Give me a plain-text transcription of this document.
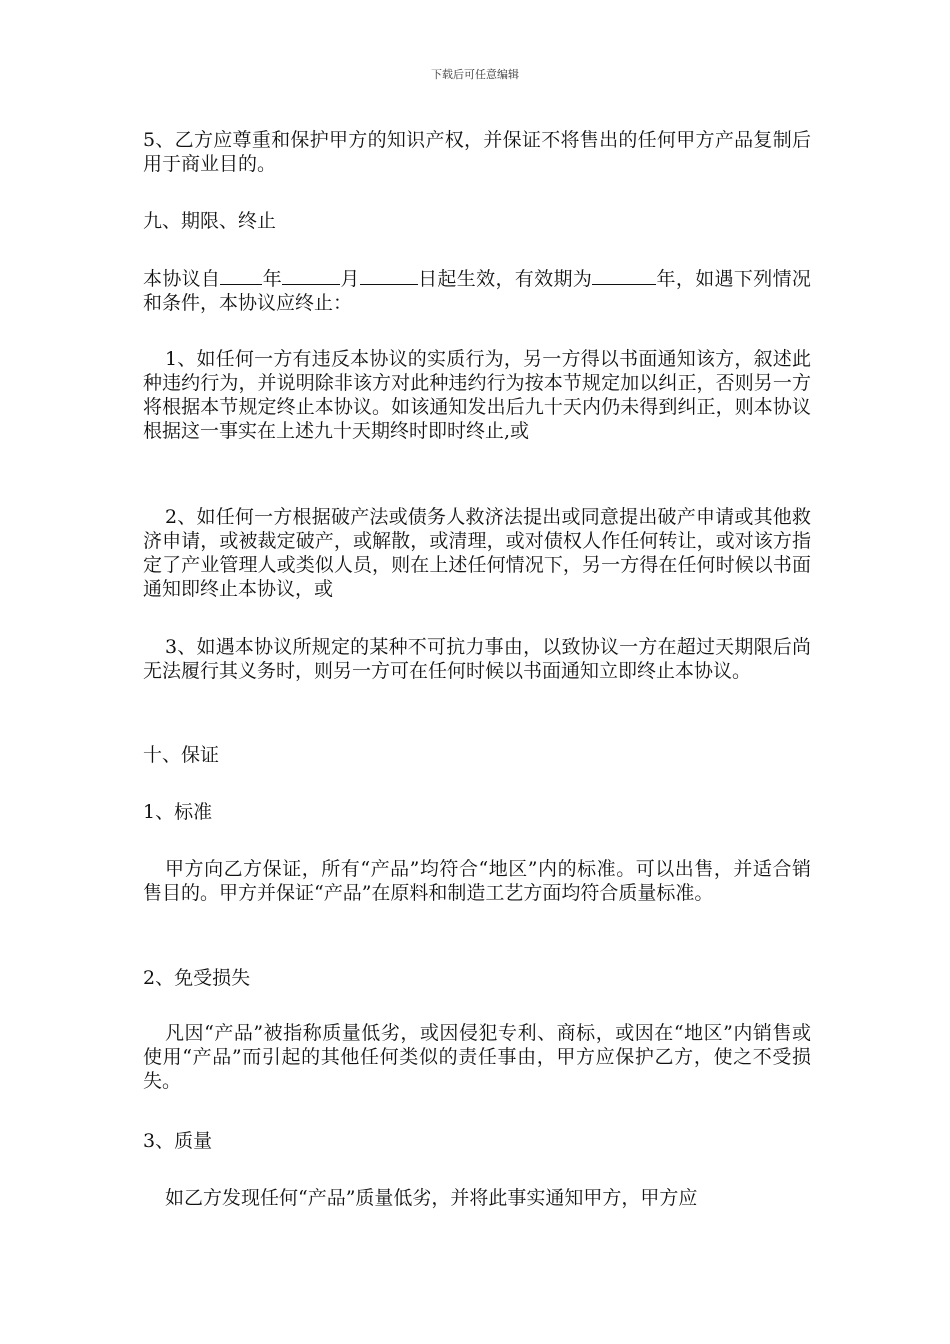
下载后可任意编辑

5、乙方应尊重和保护甲方的知识产权，并保证不将售出的任何甲方产品复制后用于商业目的。

九、期限、终止

本协议自 年	月	日起生效，有效期为	年，如遇下列情况和条件，本协议应终止：

1、如任何一方有违反本协议的实质行为，另一方得以书面通知该方，叙述此种违约行为，并说明除非该方对此种违约行为按本节规定加以纠正，否则另一方将根据本节规定终止本协议。如该通知发出后九十天内仍未得到纠正，则本协议根据这一事实在上述九十天期终时即时终止,或

2、如任何一方根据破产法或债务人救济法提出或同意提出破产申请或其他救济申请，或被裁定破产，或解散，或清理，或对债权人作任何转让，或对该方指定了产业管理人或类似人员，则在上述任何情况下，另一方得在任何时候以书面通知即终止本协议，或

3、如遇本协议所规定的某种不可抗力事由，以致协议一方在超过天期限后尚无法履行其义务时，则另一方可在任何时候以书面通知立即终止本协议。

十、保证

1、标准

甲方向乙方保证，所有“产品”均符合“地区”内的标准。可以出售，并适合销售目的。甲方并保证“产品”在原料和制造工艺方面均符合质量标准。

2、免受损失

凡因“产品”被指称质量低劣，或因侵犯专利、商标，或因在“地区”内销售或使用“产品”而引起的其他任何类似的责任事由，甲方应保护乙方，使之不受损失。

3、质量

如乙方发现任何“产品”质量低劣，并将此事实通知甲方，甲方应
